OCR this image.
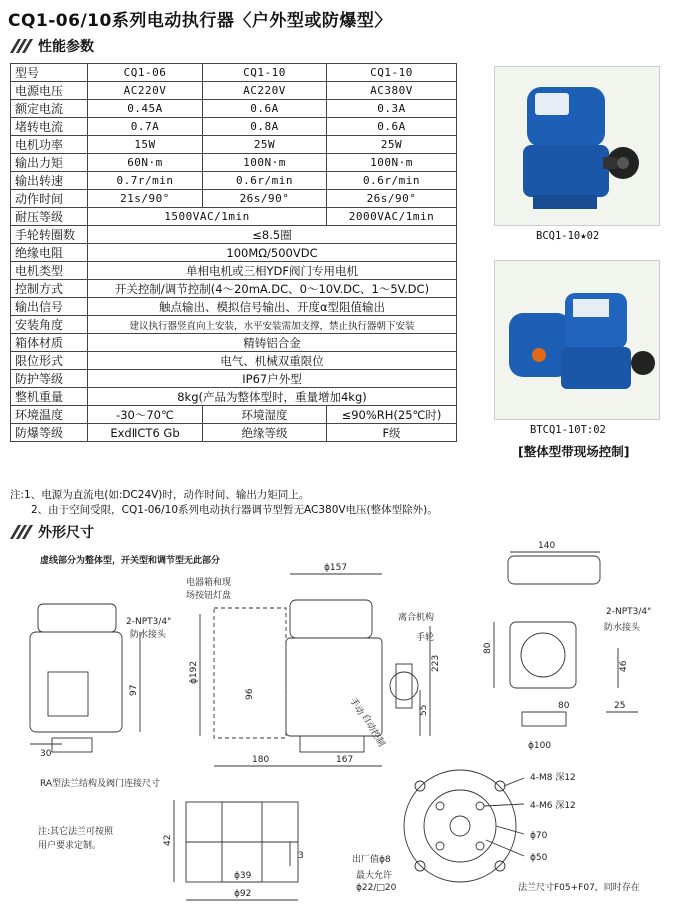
CQ1-06/10系列电动执行器〈户外型或防爆型〉
性能参数
型号	CQ1-06	CQ1-10	CQ1-10
电源电压	AC220V	AC220V	AC380V
额定电流	0.45A	0.6A	0.3A
堵转电流	0.7A	0.8A	0.6A
电机功率	15W	25W	25W
输出力矩	60N·m	100N·m	100N·m
输出转速	0.7r/min	0.6r/min	0.6r/min
动作时间	21s/90°	26s/90°	26s/90°
耐压等级	1500VAC/1min		2000VAC/1min
手轮转圈数	≤8.5圈		
绝缘电阻	100MΩ/500VDC		
电机类型	单相电机或三相YDF阀门专用电机		
控制方式	开关控制/调节控制(4～20mA.DC、0～10V.DC、1～5V.DC)		
输出信号	触点输出、模拟信号输出、开度α型阻值输出		
安装角度	建议执行器竖直向上安装，水平安装需加支撑，禁止执行器朝下安装		
箱体材质	精铸铝合金		
限位形式	电气、机械双重限位		
防护等级	IP67户外型		
整机重量	8kg(产品为整体型时，重量增加4kg)		
环境温度	-30～70℃	环境湿度	≤90%RH(25℃时)
防爆等级	ExdⅡCT6 Gb	绝缘等级	F级
BCQ1-10★02
BTCQ1-10T:02
[整体型带现场控制]
注:1、电源为直流电(如:DC24V)时，动作时间、输出力矩同上。
　　2、由于空间受限，CQ1-06/10系列电动执行器调节型暂无AC380V电压(整体型除外)。
外形尺寸
虚线部分为整体型，开关型和调节型无此部分
电器箱和现
场按钮灯盘
离合机构
手轮
2-NPT3/4"
防水接头
2-NPT3/4"
防水接头
手动
自动控制
ϕ157
140
ϕ192
97
30
96
180	167
223
55
80
80
46
25
ϕ100
RA型法兰结构及阀门连接尺寸
注:其它法兰可按照
用户要求定制。	42
3
ϕ39
ϕ92
4-M8 深12
4-M6 深12
ϕ70
ϕ50
出厂值ϕ8
最大允许
ϕ22/□20	法兰尺寸F05+F07，同时存在
